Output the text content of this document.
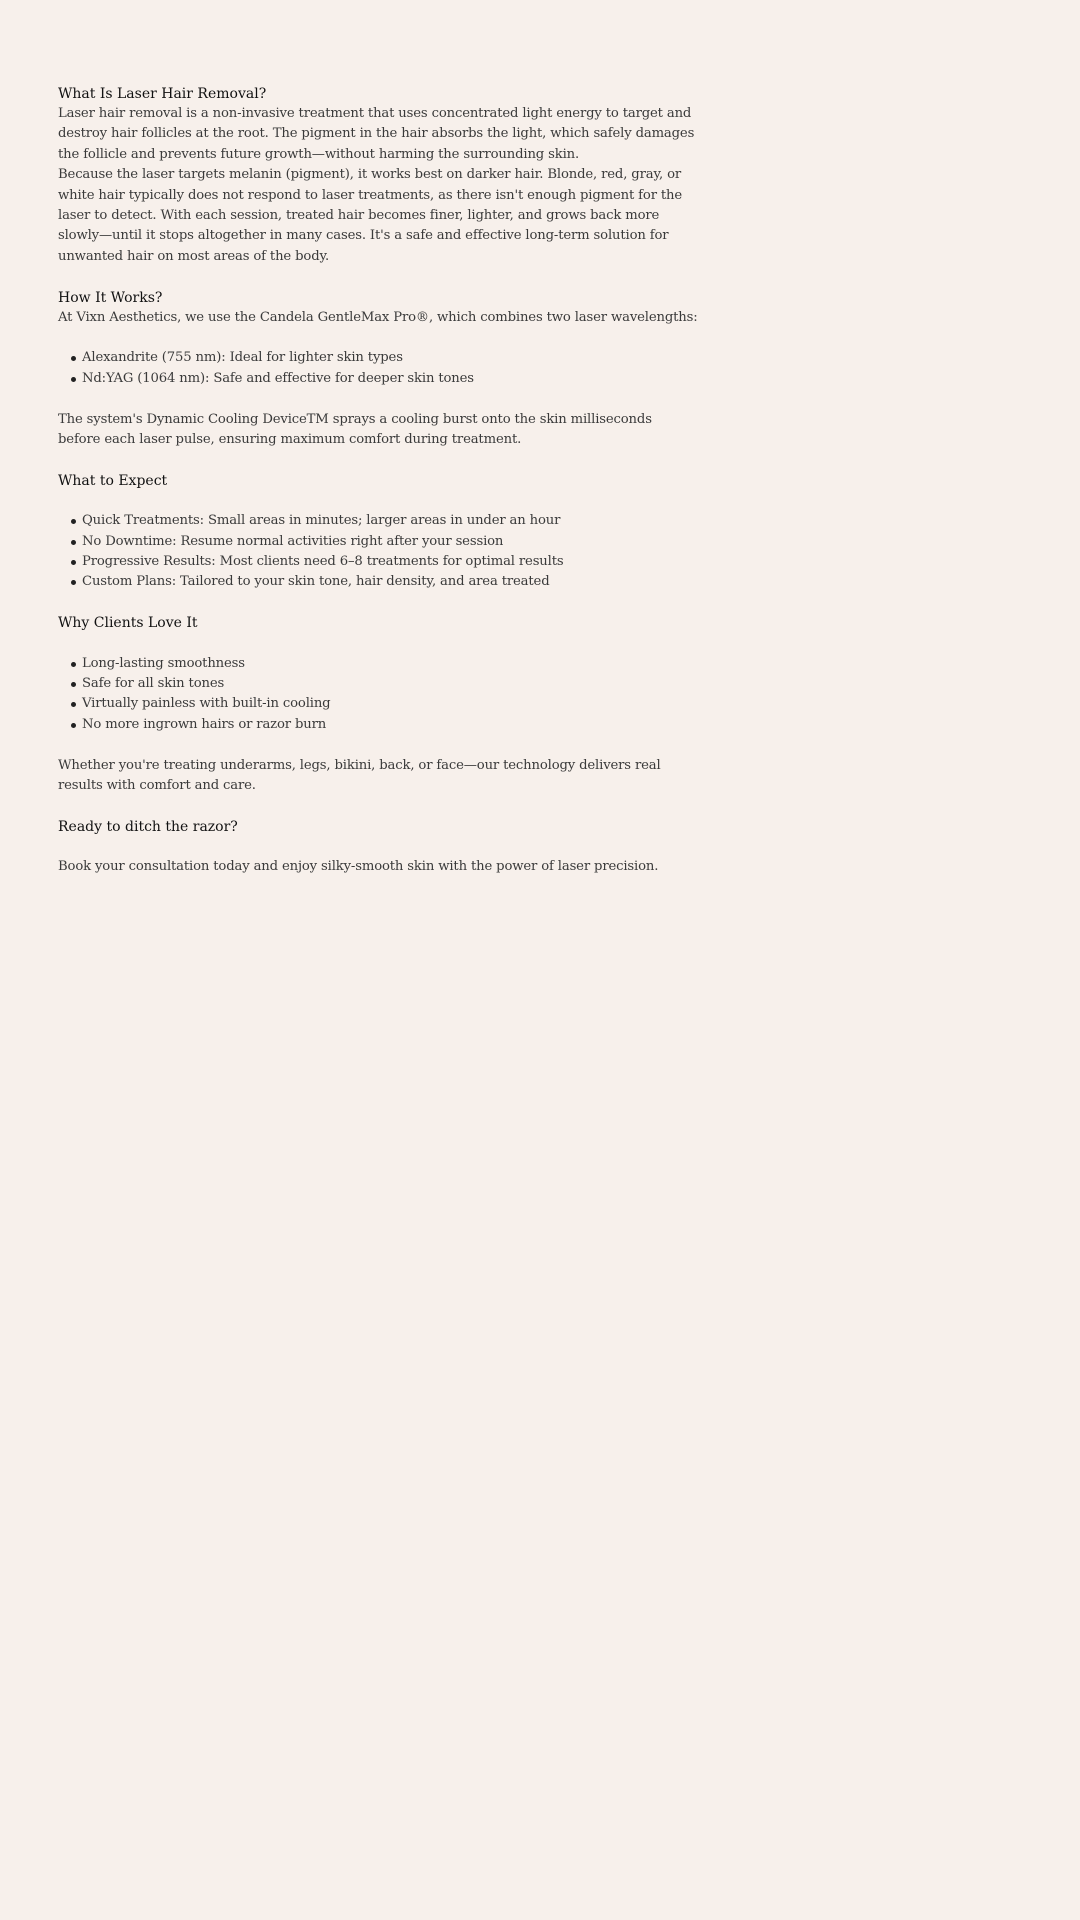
What Is Laser Hair Removal?

Laser hair removal is a non-invasive treatment that uses concentrated light energy to target and destroy hair follicles at the root. The pigment in the hair absorbs the light, which safely damages the follicle and prevents future growth—without harming the surrounding skin.

Because the laser targets melanin (pigment), it works best on darker hair. Blonde, red, gray, or white hair typically does not respond to laser treatments, as there isn't enough pigment for the laser to detect. With each session, treated hair becomes finer, lighter, and grows back more slowly—until it stops altogether in many cases. It's a safe and effective long-term solution for unwanted hair on most areas of the body.

How It Works?

At Vixn Aesthetics, we use the Candela GentleMax Pro®, which combines two laser wavelengths:

Alexandrite (755 nm): Ideal for lighter skin types
Nd:YAG (1064 nm): Safe and effective for deeper skin tones

The system's Dynamic Cooling DeviceTM sprays a cooling burst onto the skin milliseconds before each laser pulse, ensuring maximum comfort during treatment.

What to Expect
Quick Treatments: Small areas in minutes; larger areas in under an hour
No Downtime: Resume normal activities right after your session
Progressive Results: Most clients need 6–8 treatments for optimal results
Custom Plans: Tailored to your skin tone, hair density, and area treated
Why Clients Love It
Long-lasting smoothness
Safe for all skin tones
Virtually painless with built-in cooling
No more ingrown hairs or razor burn

Whether you're treating underarms, legs, bikini, back, or face—our technology delivers real results with comfort and care.

Ready to ditch the razor?

Book your consultation today and enjoy silky-smooth skin with the power of laser precision.
